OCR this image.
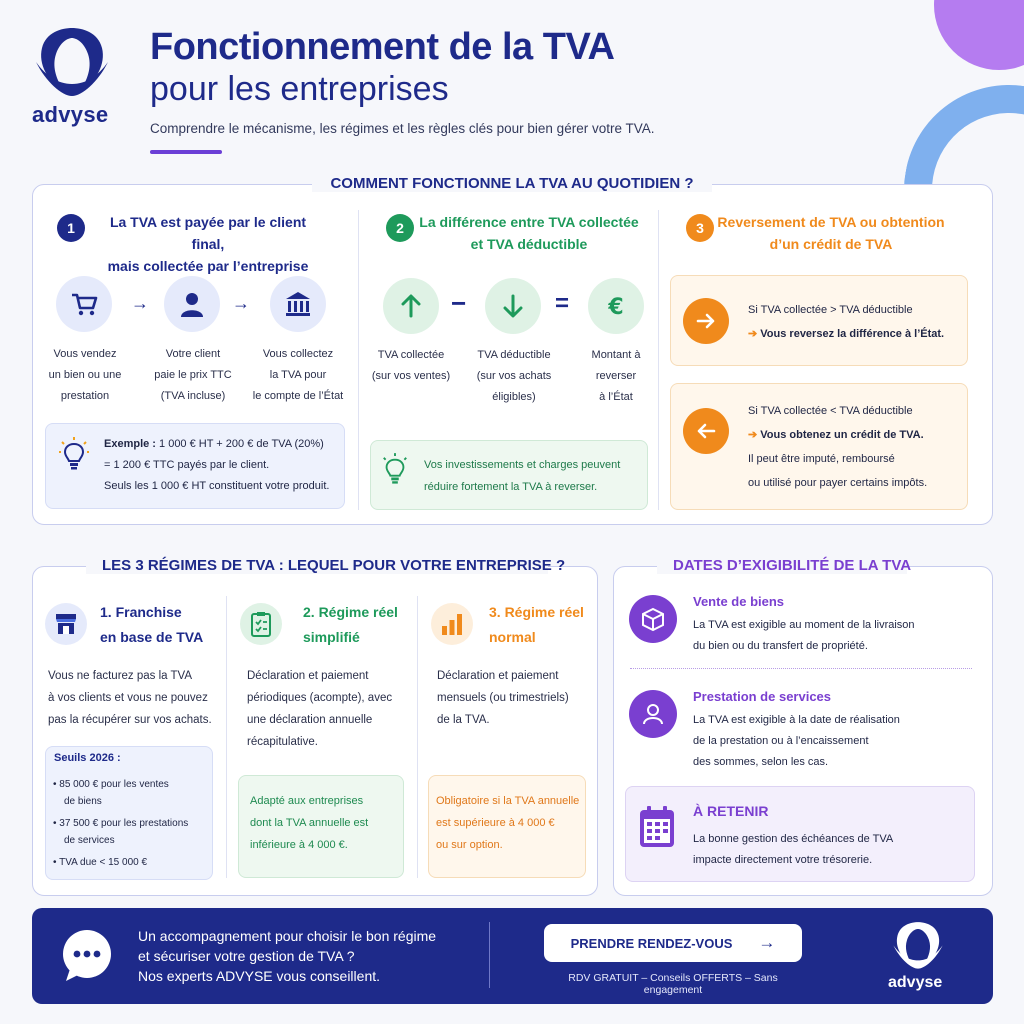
advyse
Fonctionnement de la TVA
pour les entreprises
Comprendre le mécanisme, les régimes et les règles clés pour bien gérer votre TVA.
COMMENT FONCTIONNE LA TVA AU QUOTIDIEN ?
1	La TVA est payée par le client final,
mais collectée par l’entreprise
→	→
Vous vendez
un bien ou une
prestation
Votre client
paie le prix TTC
(TVA incluse)
Vous collectez
la TVA pour
le compte de l’État
Exemple : 1 000 € HT + 200 € de TVA (20%)
= 1 200 € TTC payés par le client.
Seuls les 1 000 € HT constituent votre produit.
2	La différence entre TVA collectée
et TVA déductible
−	= €
TVA collectée
(sur vos ventes)
TVA déductible
(sur vos achats
éligibles)
Montant à
reverser
à l’État
Vos investissements et charges peuvent
réduire fortement la TVA à reverser.
3 Reversement de TVA ou obtention
d’un crédit de TVA
Si TVA collectée > TVA déductible
➔ Vous reversez la différence à l’État.
Si TVA collectée < TVA déductible
➔ Vous obtenez un crédit de TVA.
Il peut être imputé, remboursé
ou utilisé pour payer certains impôts.
LES 3 RÉGIMES DE TVA : LEQUEL POUR VOTRE ENTREPRISE ?
1. Franchise
en base de TVA
Vous ne facturez pas la TVA
à vos clients et vous ne pouvez
pas la récupérer sur vos achats.
Seuils 2026 :
• 85 000 € pour les ventes
de biens
• 37 500 € pour les prestations
de services
• TVA due < 15 000 €
2. Régime réel
simplifié
Déclaration et paiement
périodiques (acompte), avec
une déclaration annuelle
récapitulative.
Adapté aux entreprises
dont la TVA annuelle est
inférieure à 4 000 €.
3. Régime réel
normal
Déclaration et paiement
mensuels (ou trimestriels)
de la TVA.
Obligatoire si la TVA annuelle
est supérieure à 4 000 €
ou sur option.
DATES D’EXIGIBILITÉ DE LA TVA
Vente de biens
La TVA est exigible au moment de la livraison
du bien ou du transfert de propriété.
Prestation de services
La TVA est exigible à la date de réalisation
de la prestation ou à l’encaissement
des sommes, selon les cas.
À RETENIR
La bonne gestion des échéances de TVA
impacte directement votre trésorerie.
Un accompagnement pour choisir le bon régime
et sécuriser votre gestion de TVA ?
Nos experts ADVYSE vous conseillent.
PRENDRE RENDEZ-VOUS →
RDV GRATUIT – Conseils OFFERTS – Sans engagement	advyse
